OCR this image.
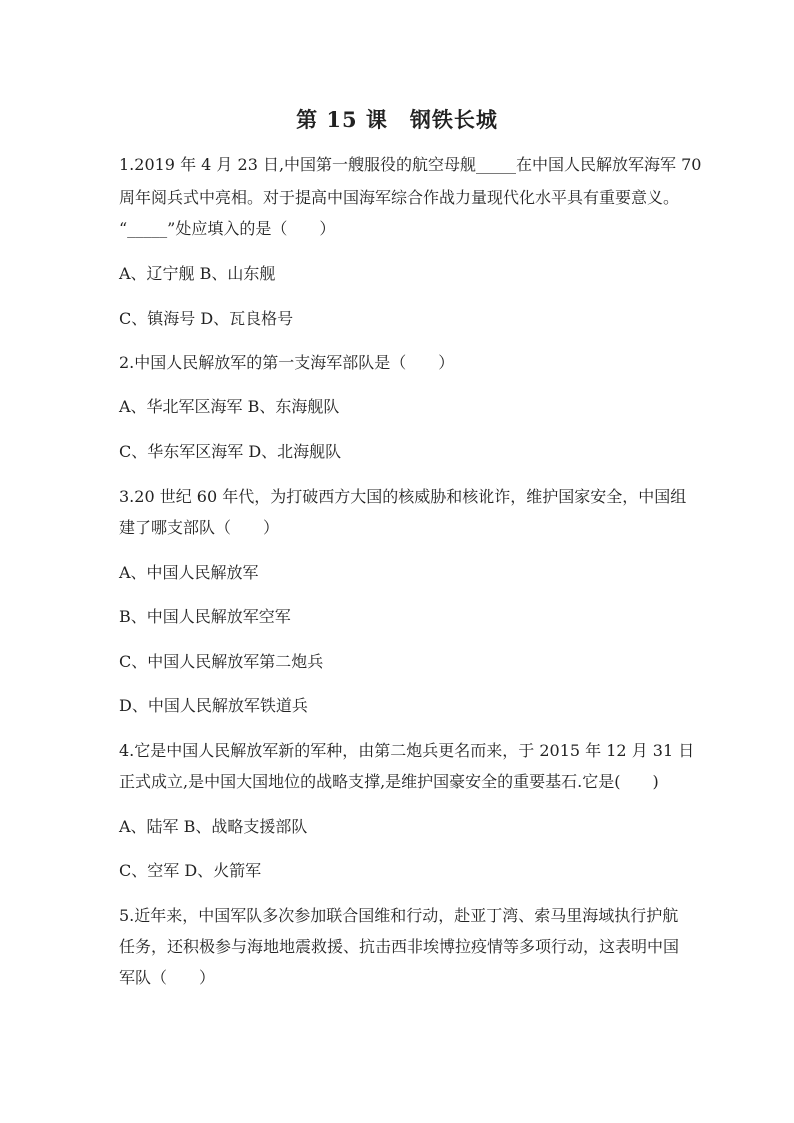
第 15 课　钢铁长城
1.2019 年 4 月 23 日,中国第一艘服役的航空母舰_____在中国人民解放军海军 70
周年阅兵式中亮相。对于提高中国海军综合作战力量现代化水平具有重要意义。
“_____”处应填入的是（　　）
A、辽宁舰 B、山东舰
C、镇海号 D、瓦良格号
2.中国人民解放军的第一支海军部队是（　　）
A、华北军区海军 B、东海舰队
C、华东军区海军 D、北海舰队
3.20 世纪 60 年代，为打破西方大国的核威胁和核讹诈，维护国家安全，中国组
建了哪支部队（　　）
A、中国人民解放军
B、中国人民解放军空军
C、中国人民解放军第二炮兵
D、中国人民解放军铁道兵
4.它是中国人民解放军新的军种，由第二炮兵更名而来，于 2015 年 12 月 31 日
正式成立,是中国大国地位的战略支撑,是维护国豪安全的重要基石.它是(　　)
A、陆军 B、战略支援部队
C、空军 D、火箭军
5.近年来，中国军队多次参加联合国维和行动，赴亚丁湾、索马里海域执行护航
任务，还积极参与海地地震救援、抗击西非埃博拉疫情等多项行动，这表明中国
军队（　　）
